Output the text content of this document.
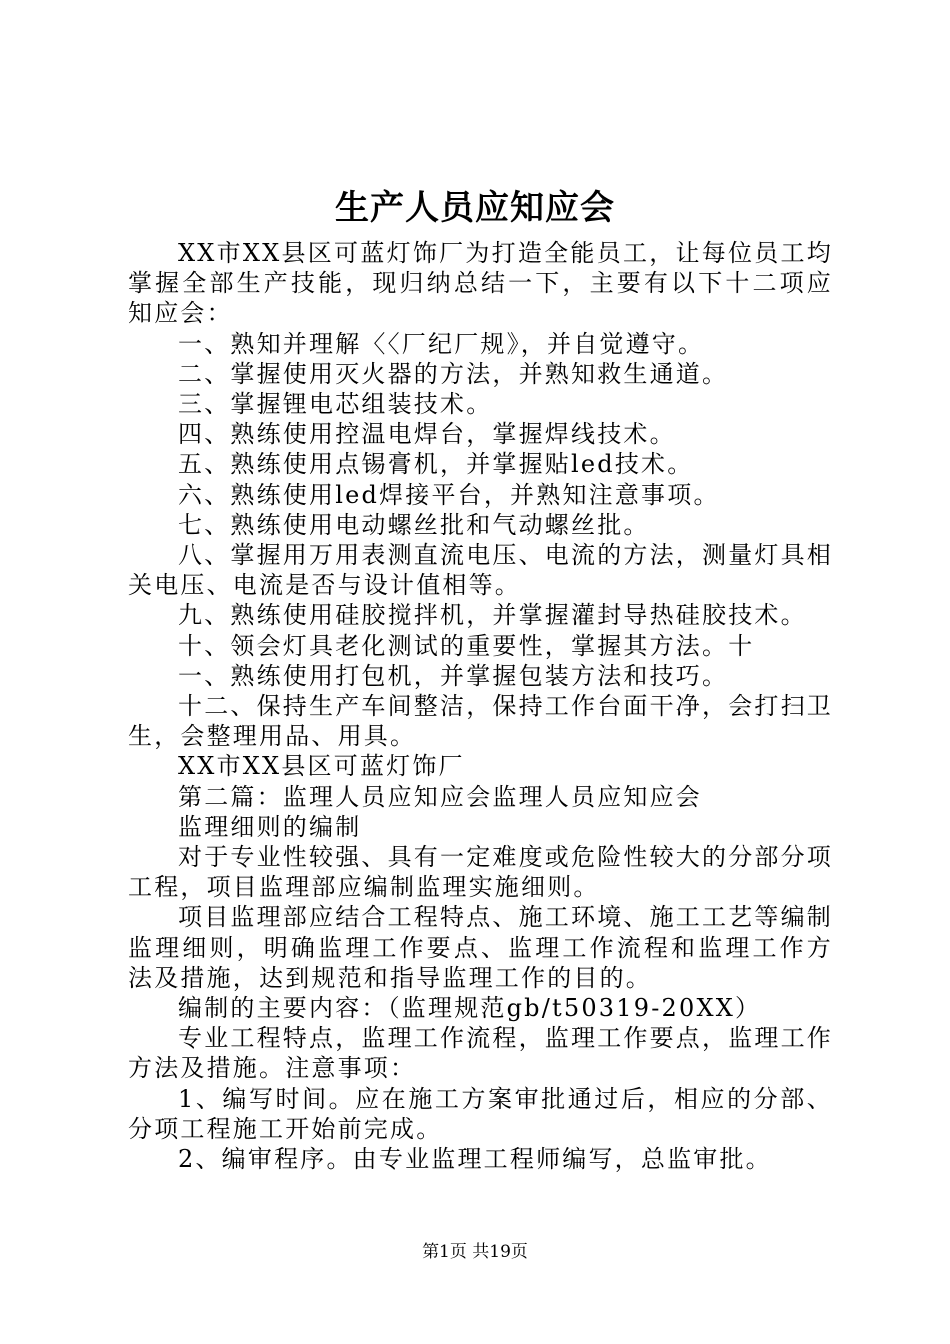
生产人员应知应会

XX市XX县区可蓝灯饰厂为打造全能员工，让每位员工均掌握全部生产技能，现归纳总结一下，主要有以下十二项应知应会：

一、熟知并理解〈〈厂纪厂规》，并自觉遵守。

二、掌握使用灭火器的方法，并熟知救生通道。

三、掌握锂电芯组装技术。

四、熟练使用控温电焊台，掌握焊线技术。

五、熟练使用点锡膏机，并掌握贴led技术。

六、熟练使用led焊接平台，并熟知注意事项。

七、熟练使用电动螺丝批和气动螺丝批。

八、掌握用万用表测直流电压、电流的方法，测量灯具相关电压、电流是否与设计值相等。

九、熟练使用硅胶搅拌机，并掌握灌封导热硅胶技术。

十、领会灯具老化测试的重要性，掌握其方法。十

一、熟练使用打包机，并掌握包装方法和技巧。

十二、保持生产车间整洁，保持工作台面干净，会打扫卫生，会整理用品、用具。

XX市XX县区可蓝灯饰厂

第二篇：监理人员应知应会监理人员应知应会

监理细则的编制

对于专业性较强、具有一定难度或危险性较大的分部分项工程，项目监理部应编制监理实施细则。

项目监理部应结合工程特点、施工环境、施工工艺等编制监理细则，明确监理工作要点、监理工作流程和监理工作方法及措施，达到规范和指导监理工作的目的。

编制的主要内容：（监理规范gb/t50319-20XX）

专业工程特点，监理工作流程，监理工作要点，监理工作方法及措施。注意事项：

1、编写时间。应在施工方案审批通过后，相应的分部、分项工程施工开始前完成。

2、编审程序。由专业监理工程师编写，总监审批。

第1页 共19页
